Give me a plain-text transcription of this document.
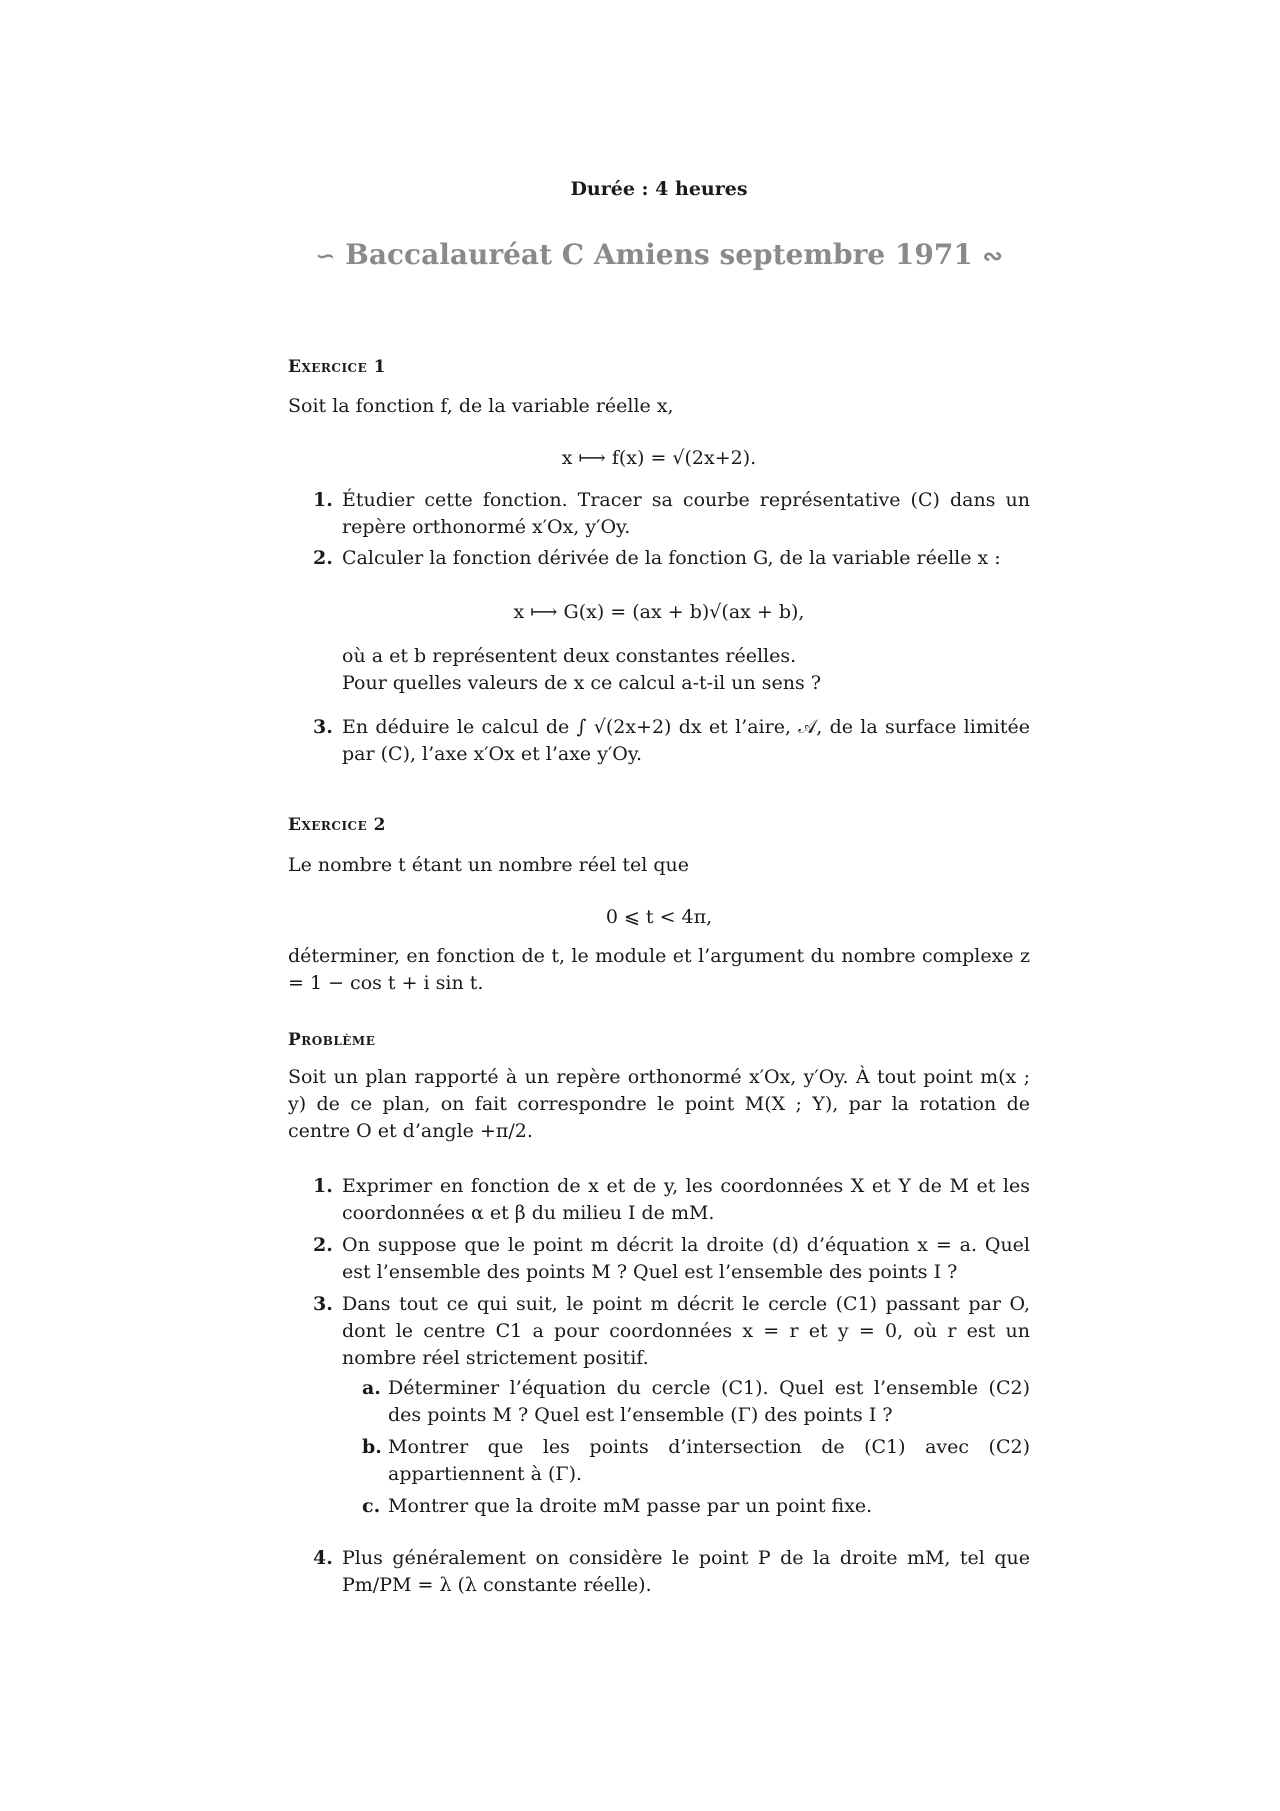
Durée : 4 heures
∽ Baccalauréat C Amiens septembre 1971 ∾
Exercice 1

Soit la fonction f, de la variable réelle x,

x ⟼ f(x) = √(2x+2).

1. Étudier cette fonction. Tracer sa courbe représentative (C) dans un repère orthonormé x′Ox, y′Oy.

2. Calculer la fonction dérivée de la fonction G, de la variable réelle x :

x ⟼ G(x) = (ax + b)√(ax + b),

où a et b représentent deux constantes réelles.

Pour quelles valeurs de x ce calcul a-t-il un sens ?

3. En déduire le calcul de ∫ √(2x+2) dx et l’aire, 𝒜, de la surface limitée par (C), l’axe x′Ox et l’axe y′Oy.

Exercice 2

Le nombre t étant un nombre réel tel que

0 ⩽ t < 4π,

déterminer, en fonction de t, le module et l’argument du nombre complexe z = 1 − cos t + i sin t.

Problème

Soit un plan rapporté à un repère orthonormé x′Ox, y′Oy. À tout point m(x ; y) de ce plan, on fait correspondre le point M(X ; Y), par la rotation de centre O et d’angle +π/2.

1. Exprimer en fonction de x et de y, les coordonnées X et Y de M et les coordonnées α et β du milieu I de mM.

2. On suppose que le point m décrit la droite (d) d’équation x = a. Quel est l’ensemble des points M ? Quel est l’ensemble des points I ?

3. Dans tout ce qui suit, le point m décrit le cercle (C1) passant par O, dont le centre C1 a pour coordonnées x = r et y = 0, où r est un nombre réel strictement positif.

a. Déterminer l’équation du cercle (C1). Quel est l’ensemble (C2) des points M ? Quel est l’ensemble (Γ) des points I ?

b. Montrer que les points d’intersection de (C1) avec (C2) appartiennent à (Γ).

c. Montrer que la droite mM passe par un point fixe.

4. Plus généralement on considère le point P de la droite mM, tel que Pm/PM = λ (λ constante réelle).
